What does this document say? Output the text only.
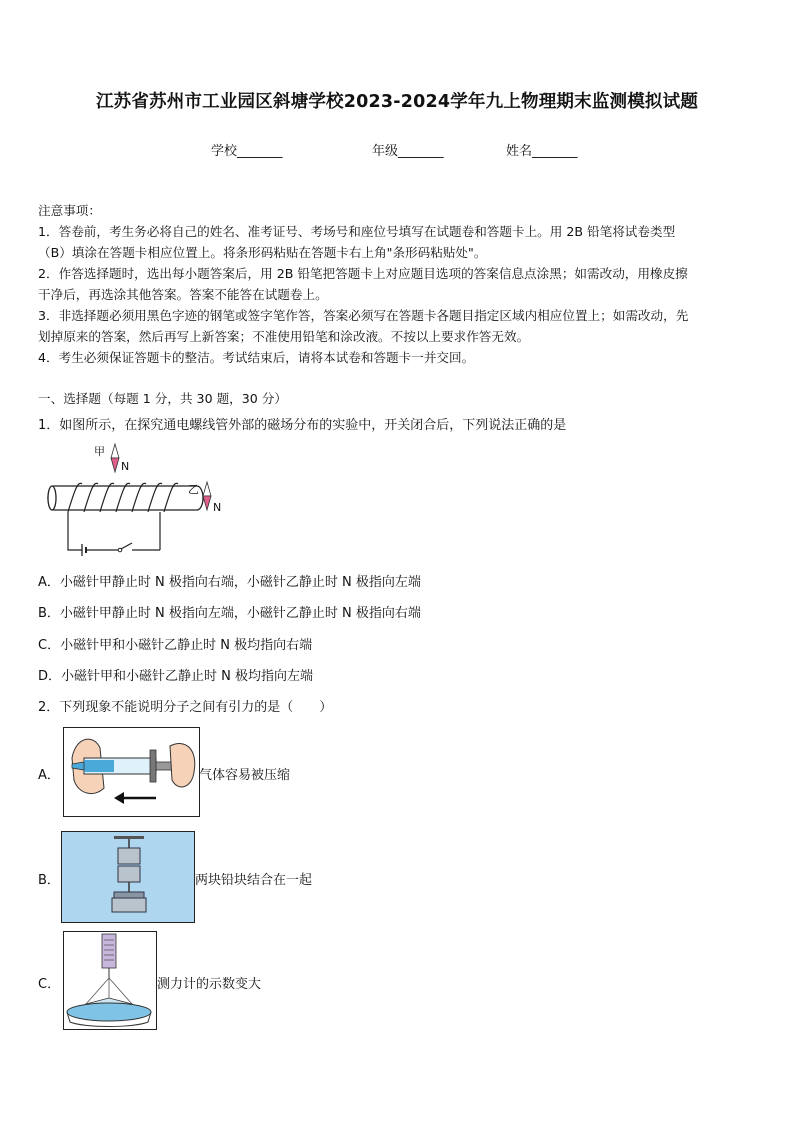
江苏省苏州市工业园区斜塘学校2023-2024学年九上物理期末监测模拟试题
学校_______	年级_______	姓名_______
注意事项：
1．答卷前，考生务必将自己的姓名、准考证号、考场号和座位号填写在试题卷和答题卡上。用 2B 铅笔将试卷类型
（B）填涂在答题卡相应位置上。将条形码粘贴在答题卡右上角"条形码粘贴处"。
2．作答选择题时，选出每小题答案后，用 2B 铅笔把答题卡上对应题目选项的答案信息点涂黑；如需改动，用橡皮擦
干净后，再选涂其他答案。答案不能答在试题卷上。
3．非选择题必须用黑色字迹的钢笔或签字笔作答，答案必须写在答题卡各题目指定区域内相应位置上；如需改动，先
划掉原来的答案，然后再写上新答案；不准使用铅笔和涂改液。不按以上要求作答无效。
4．考生必须保证答题卡的整洁。考试结束后，请将本试卷和答题卡一并交回。
一、选择题（每题 1 分，共 30 题，30 分）
1．如图所示，在探究通电螺线管外部的磁场分布的实验中，开关闭合后，下列说法正确的是
甲
N
乙
N
A．小磁针甲静止时 N 极指向右端，小磁针乙静止时 N 极指向左端
B．小磁针甲静止时 N 极指向左端，小磁针乙静止时 N 极指向右端
C．小磁针甲和小磁针乙静止时 N 极均指向右端
D．小磁针甲和小磁针乙静止时 N 极均指向左端
2．下列现象不能说明分子之间有引力的是（　　）
A．	气体容易被压缩
B．	两块铅块结合在一起
C．	测力计的示数变大
